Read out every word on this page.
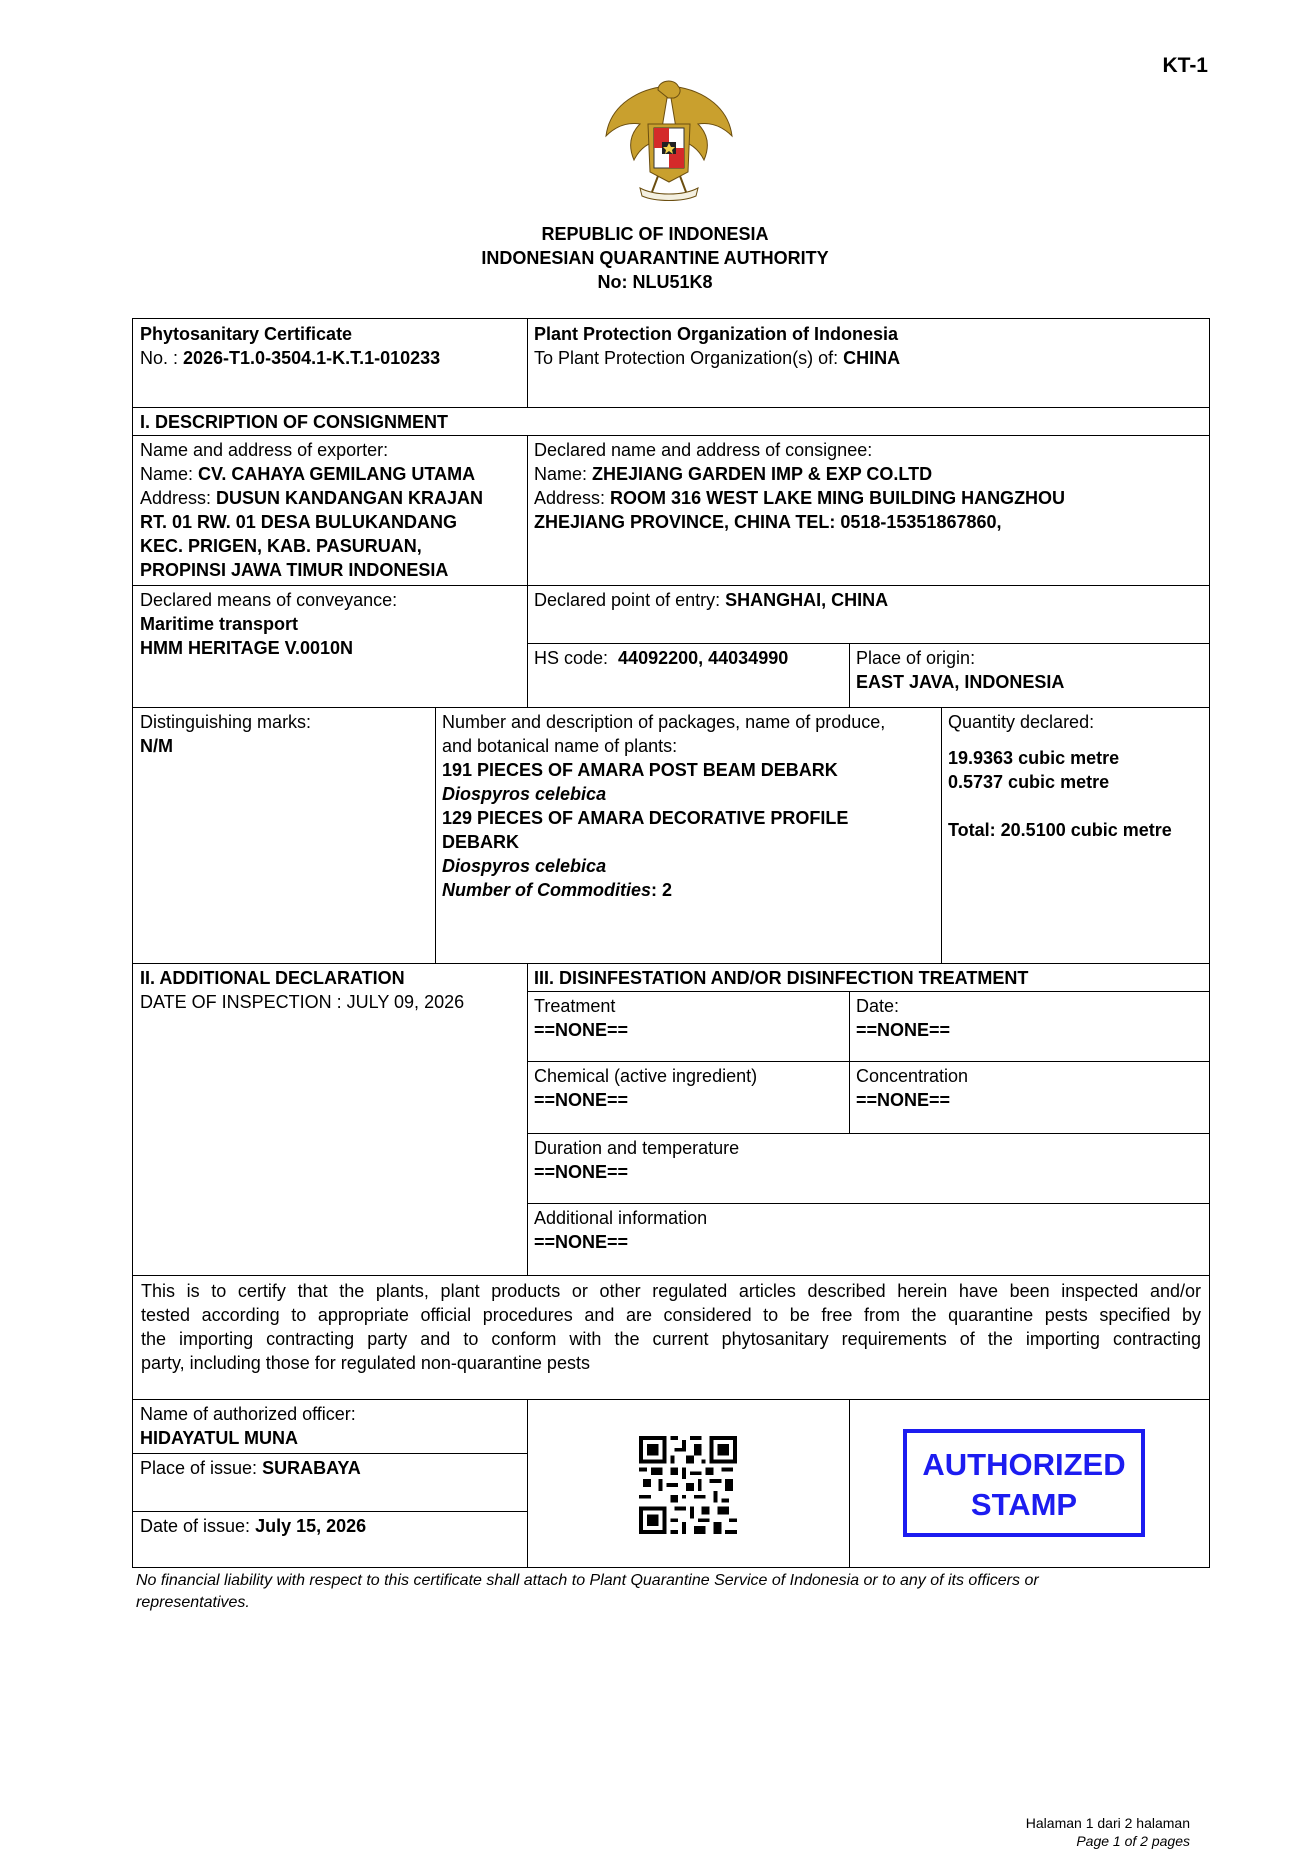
KT-1
REPUBLIC OF INDONESIA
INDONESIAN QUARANTINE AUTHORITY
No: NLU51K8
Phytosanitary Certificate
No. : 2026-T1.0-3504.1-K.T.1-010233
Plant Protection Organization of Indonesia
To Plant Protection Organization(s) of: CHINA
I. DESCRIPTION OF CONSIGNMENT
Name and address of exporter:
Name: CV. CAHAYA GEMILANG UTAMA
Address: DUSUN KANDANGAN KRAJAN
RT. 01 RW. 01 DESA BULUKANDANG
KEC. PRIGEN, KAB. PASURUAN,
PROPINSI JAWA TIMUR INDONESIA
Declared name and address of consignee:
Name: ZHEJIANG GARDEN IMP & EXP CO.LTD
Address: ROOM 316 WEST LAKE MING BUILDING HANGZHOU
ZHEJIANG PROVINCE, CHINA TEL: 0518-15351867860,
Declared means of conveyance:
Maritime transport
HMM HERITAGE V.0010N
Declared point of entry: SHANGHAI, CHINA
HS code:  44092200, 44034990	Place of origin:
EAST JAVA, INDONESIA
Distinguishing marks:
N/M
Number and description of packages, name of produce,
and botanical name of plants:
191 PIECES OF AMARA POST BEAM DEBARK
Diospyros celebica
129 PIECES OF AMARA DECORATIVE PROFILE
DEBARK
Diospyros celebica
Number of Commodities: 2
Quantity declared:
19.9363 cubic metre
0.5737 cubic metre
Total: 20.5100 cubic metre
II. ADDITIONAL DECLARATION
DATE OF INSPECTION : JULY 09, 2026
III. DISINFESTATION AND/OR DISINFECTION TREATMENT
Treatment
==NONE==
Date:
==NONE==
Chemical (active ingredient)
==NONE==
Concentration
==NONE==
Duration and temperature
==NONE==
Additional information
==NONE==
This is to certify that the plants, plant products or other regulated articles described herein have been inspected and/or
tested according to appropriate official procedures and are considered to be free from the quarantine pests specified by
the importing contracting party and to conform with the current phytosanitary requirements of the importing contracting
party, including those for regulated non-quarantine pests
Name of authorized officer:
HIDAYATUL MUNA
Place of issue: SURABAYA
Date of issue: July 15, 2026
AUTHORIZED
STAMP
No financial liability with respect to this certificate shall attach to Plant Quarantine Service of Indonesia or to any of its officers or
representatives.
Halaman 1 dari 2 halaman
Page 1 of 2 pages
